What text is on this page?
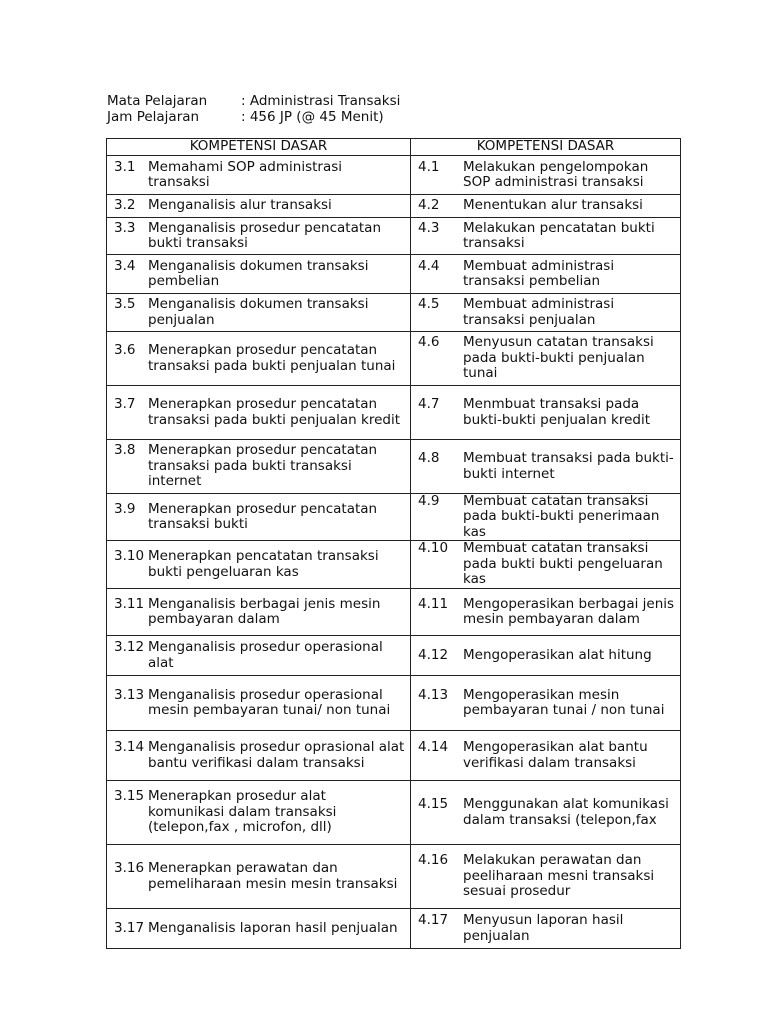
Mata Pelajaran	: Administrasi Transaksi
Jam Pelajaran	: 456 JP (@ 45 Menit)
KOMPETENSI DASAR	KOMPETENSI DASAR

3.1 Memahami SOP administrasi transaksi	4.1 Melakukan pengelompokan SOP administrasi transaksi

3.2 Menganalisis alur transaksi	4.2 Menentukan alur transaksi

3.3 Menganalisis prosedur pencatatan bukti transaksi	4.3 Melakukan pencatatan bukti transaksi

3.4 Menganalisis dokumen transaksi pembelian	4.4 Membuat administrasi transaksi pembelian

3.5 Menganalisis dokumen transaksi penjualan	4.5 Membuat administrasi transaksi penjualan

3.6 Menerapkan prosedur pencatatan transaksi pada bukti penjualan tunai	4.6 Menyusun catatan transaksi pada bukti-bukti penjualan tunai

3.7 Menerapkan prosedur pencatatan transaksi pada bukti penjualan kredit	4.7 Menmbuat transaksi pada bukti-bukti penjualan kredit

3.8 Menerapkan prosedur pencatatan transaksi pada bukti transaksi internet	4.8 Membuat transaksi pada bukti-bukti internet

3.9 Menerapkan prosedur pencatatan transaksi bukti	4.9 Membuat catatan transaksi pada bukti-bukti penerimaan kas

3.10 Menerapkan pencatatan transaksi bukti pengeluaran kas	4.10 Membuat catatan transaksi pada bukti bukti pengeluaran kas

3.11 Menganalisis berbagai jenis mesin pembayaran dalam	4.11 Mengoperasikan berbagai jenis mesin pembayaran dalam

3.12 Menganalisis prosedur operasional alat	4.12 Mengoperasikan alat hitung

3.13 Menganalisis prosedur operasional mesin pembayaran tunai/ non tunai	4.13 Mengoperasikan mesin pembayaran tunai / non tunai

3.14 Menganalisis prosedur oprasional alat bantu verifikasi dalam transaksi	4.14 Mengoperasikan alat bantu verifikasi dalam transaksi

3.15 Menerapkan prosedur alat komunikasi dalam transaksi (telepon,fax , microfon, dll)	4.15 Menggunakan alat komunikasi dalam transaksi (telepon,fax

3.16 Menerapkan perawatan dan pemeliharaan mesin mesin transaksi	4.16 Melakukan perawatan dan peeliharaan mesni transaksi sesuai prosedur

3.17 Menganalisis laporan hasil penjualan	4.17 Menyusun laporan hasil penjualan
